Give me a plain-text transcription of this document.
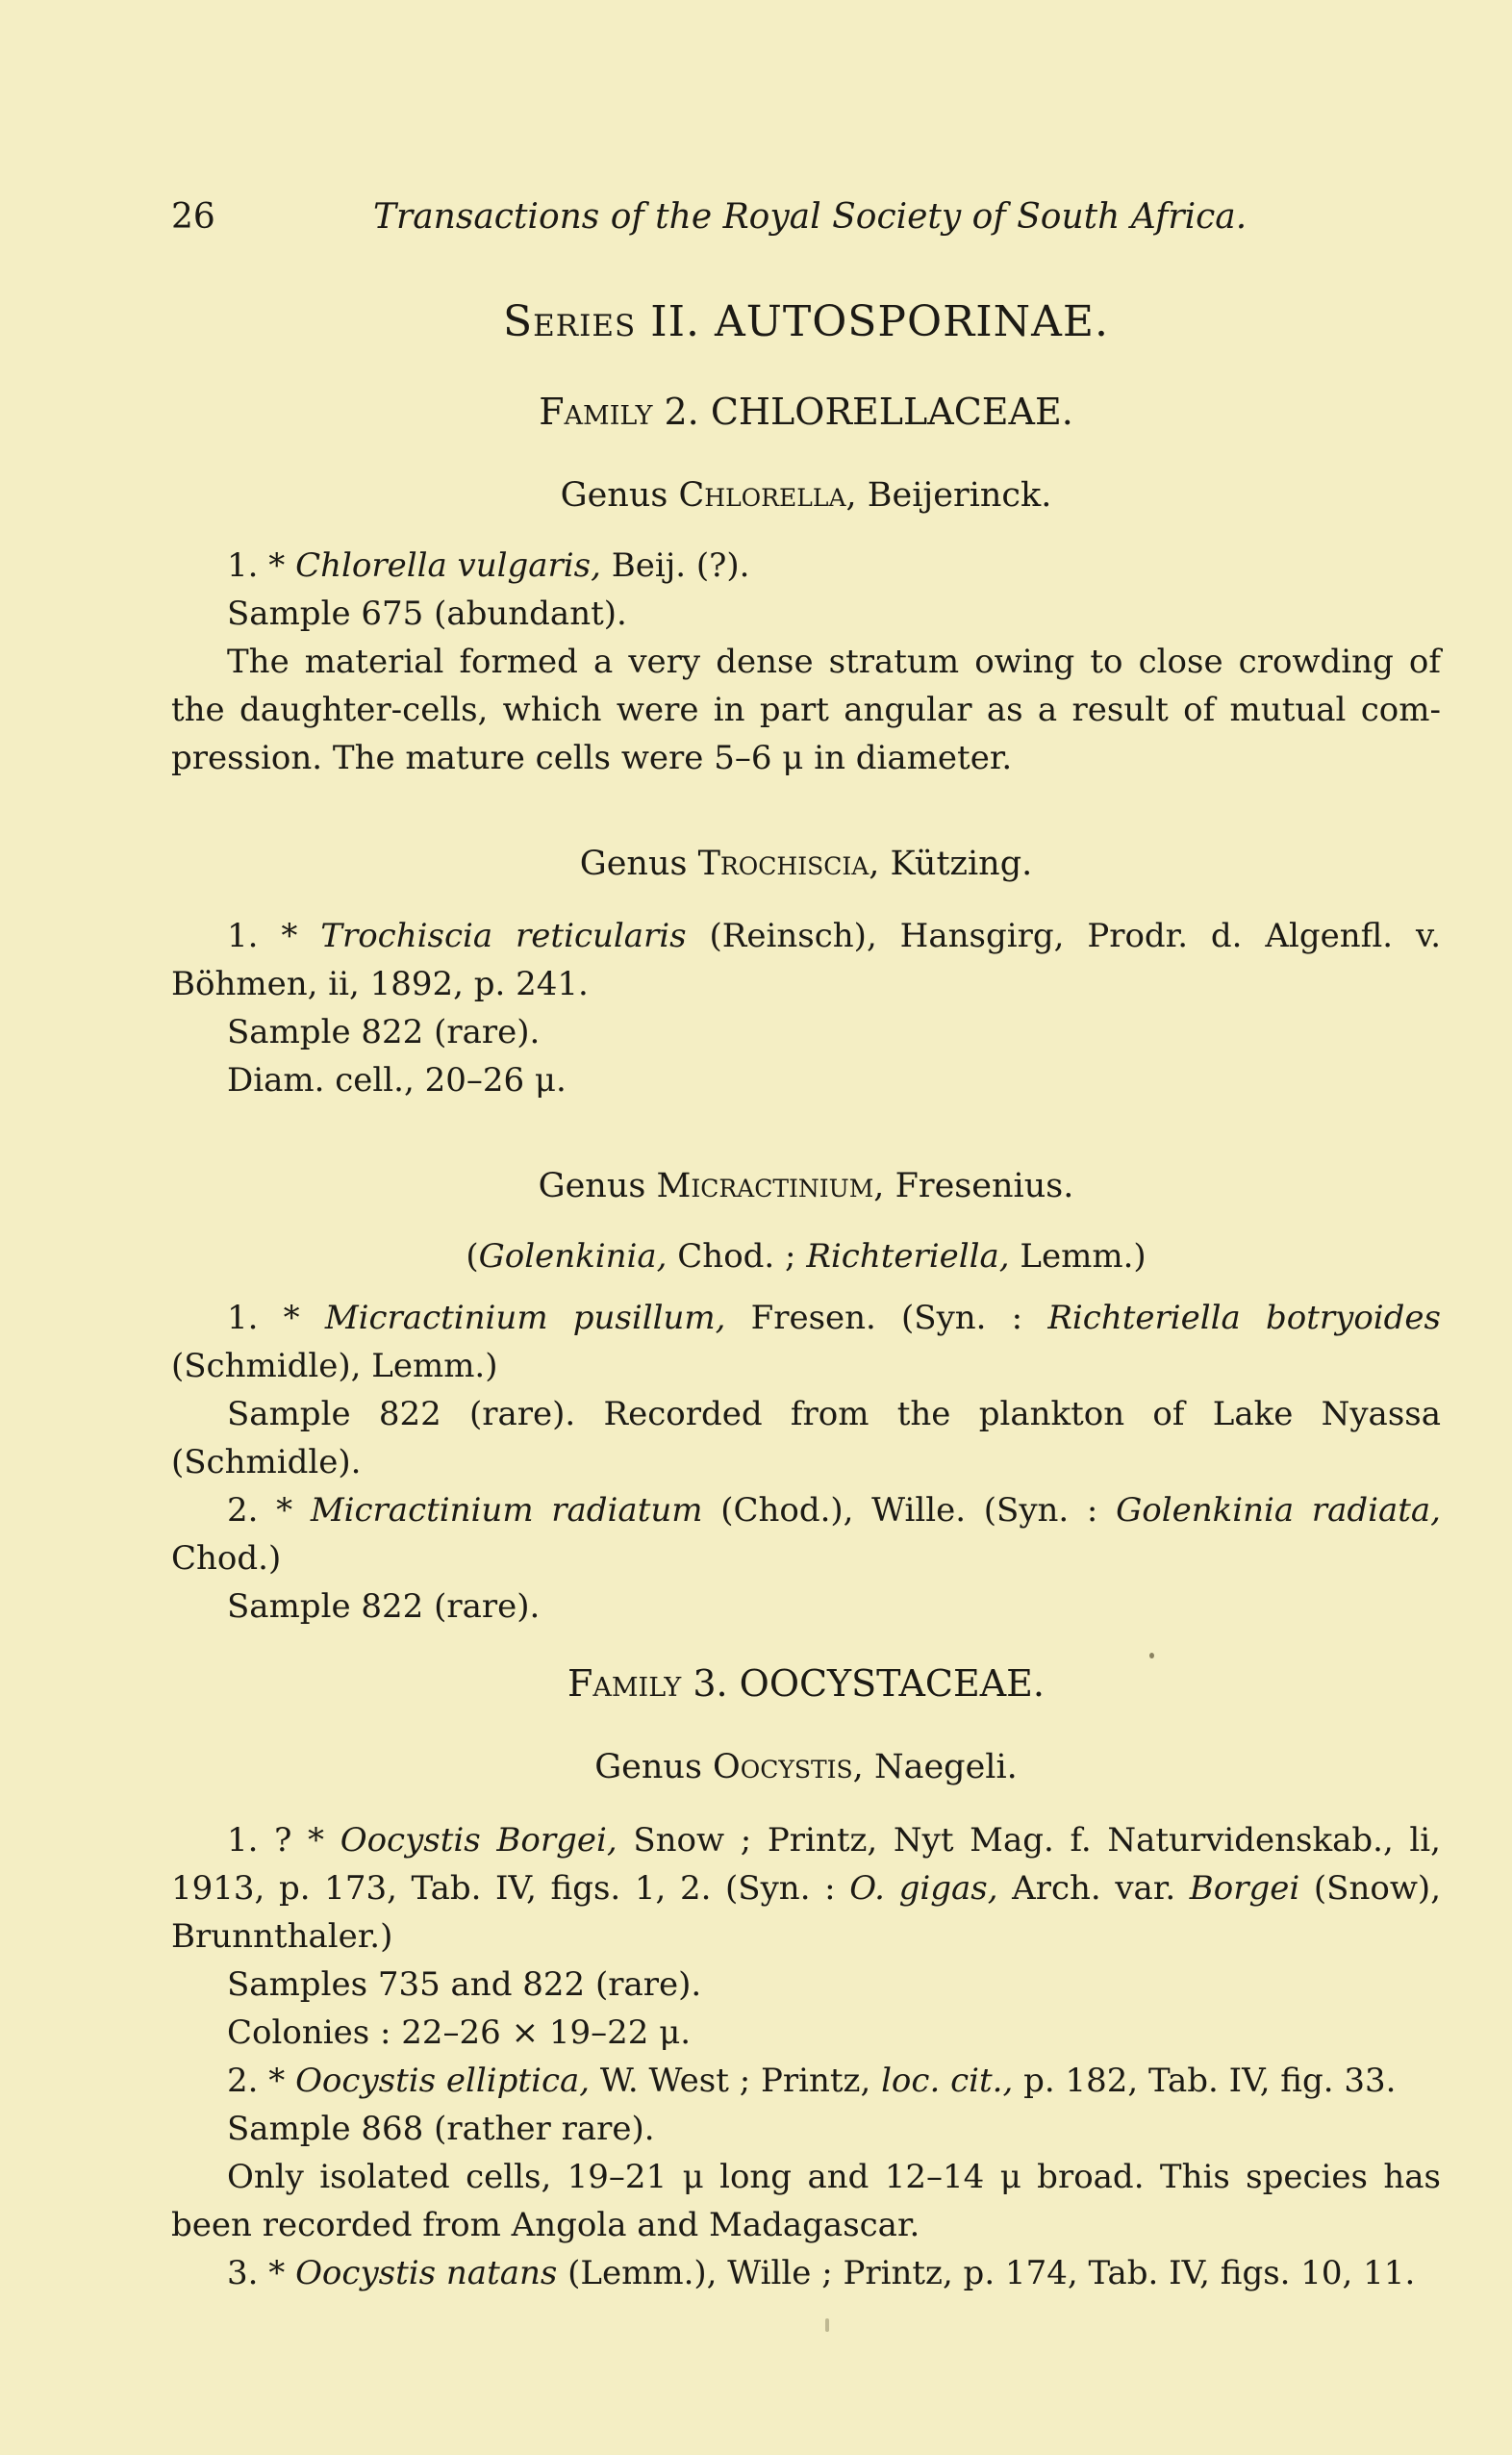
26	Transactions of the Royal Society of South Africa.
Series II. AUTOSPORINAE.
Family 2. CHLORELLACEAE.
Genus Chlorella, Beijerinck.

1. * Chlorella vulgaris, Beij. (?).

Sample 675 (abundant).

The material formed a very dense stratum owing to close crowding of the daughter-cells, which were in part angular as a result of mutual com-pression. The mature cells were 5–6 μ in diameter.

Genus Trochiscia, Kützing.

1. * Trochiscia reticularis (Reinsch), Hansgirg, Prodr. d. Algenfl. v. Böhmen, ii, 1892, p. 241.

Sample 822 (rare).

Diam. cell., 20–26 μ.

Genus Micractinium, Fresenius.
(Golenkinia, Chod. ; Richteriella, Lemm.)

1. * Micractinium pusillum, Fresen. (Syn. : Richteriella botryoides (Schmidle), Lemm.)

Sample 822 (rare). Recorded from the plankton of Lake Nyassa (Schmidle).

2. * Micractinium radiatum (Chod.), Wille. (Syn. : Golenkinia radiata, Chod.)

Sample 822 (rare).

Family 3. OOCYSTACEAE.
Genus Oocystis, Naegeli.

1. ? * Oocystis Borgei, Snow ; Printz, Nyt Mag. f. Naturvidenskab., li, 1913, p. 173, Tab. IV, figs. 1, 2. (Syn. : O. gigas, Arch. var. Borgei (Snow), Brunnthaler.)

Samples 735 and 822 (rare).

Colonies : 22–26 × 19–22 μ.

2. * Oocystis elliptica, W. West ; Printz, loc. cit., p. 182, Tab. IV, fig. 33.

Sample 868 (rather rare).

Only isolated cells, 19–21 μ long and 12–14 μ broad. This species has been recorded from Angola and Madagascar.

3. * Oocystis natans (Lemm.), Wille ; Printz, p. 174, Tab. IV, figs. 10, 11.
